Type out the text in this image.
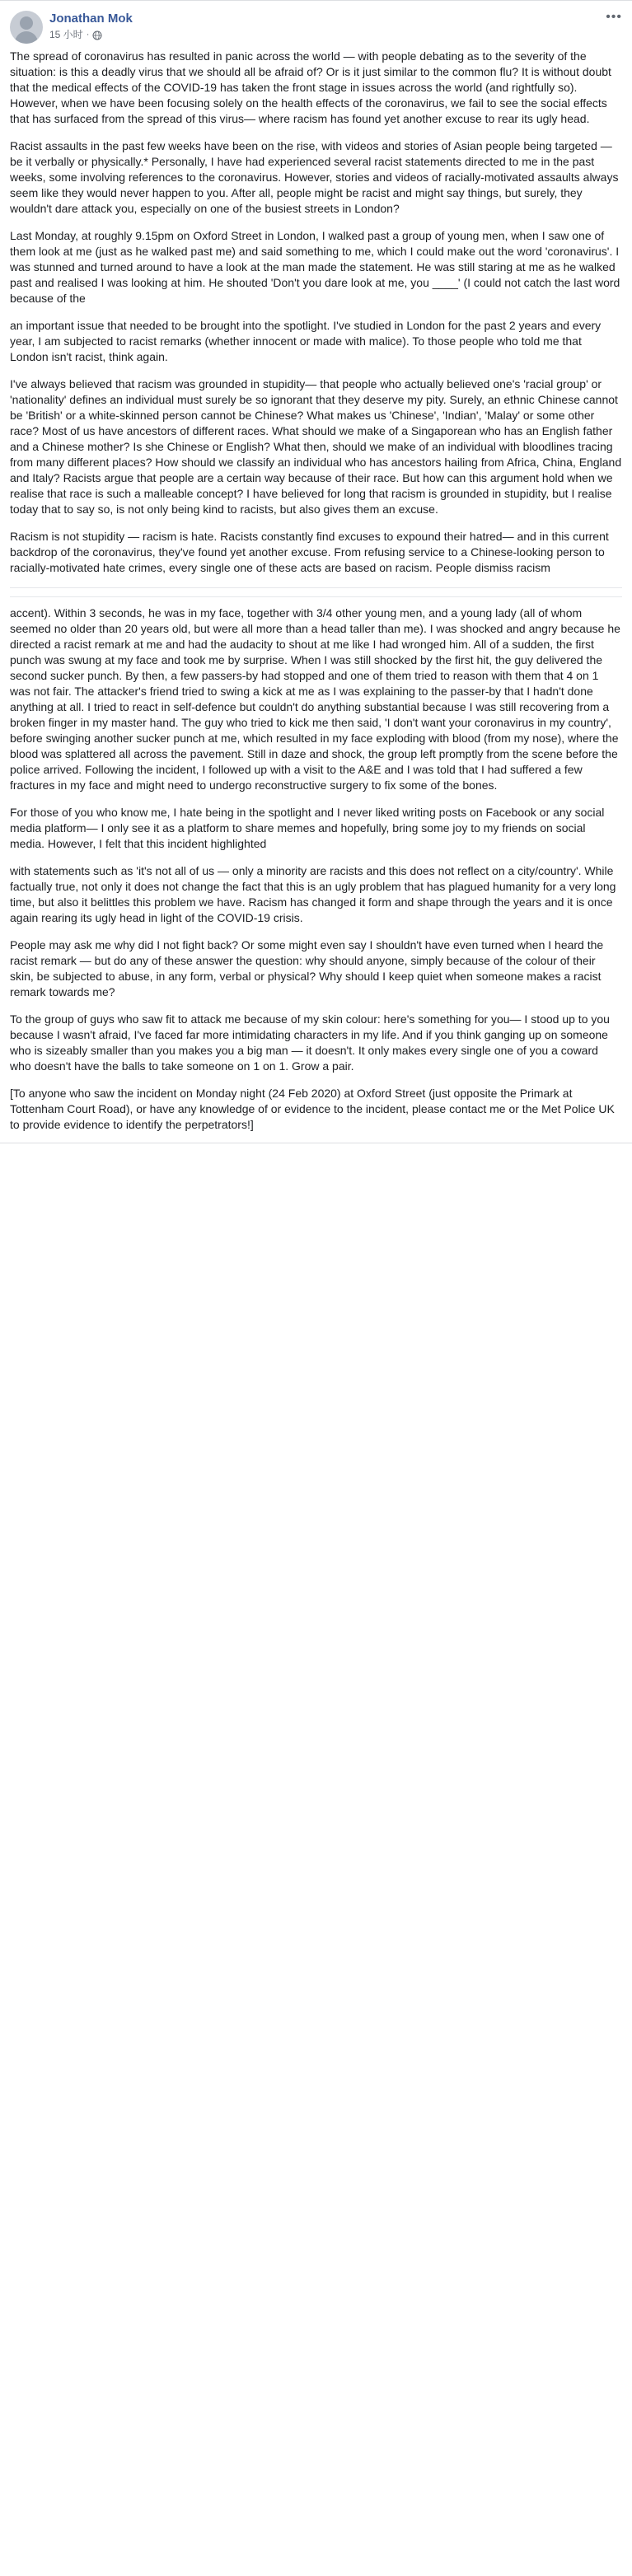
Jonathan Mok
15 小时 ·
•••

The spread of coronavirus has resulted in panic across the world — with people debating as to the severity of the situation: is this a deadly virus that we should all be afraid of? Or is it just similar to the common flu? It is without doubt that the medical effects of the COVID-19 has taken the front stage in issues across the world (and rightfully so). However, when we have been focusing solely on the health effects of the coronavirus, we fail to see the social effects that has surfaced from the spread of this virus— where racism has found yet another excuse to rear its ugly head.

Racist assaults in the past few weeks have been on the rise, with videos and stories of Asian people being targeted — be it verbally or physically.* Personally, I have had experienced several racist statements directed to me in the past weeks, some involving references to the coronavirus. However, stories and videos of racially-motivated assaults always seem like they would never happen to you. After all, people might be racist and might say things, but surely, they wouldn't dare attack you, especially on one of the busiest streets in London?

Last Monday, at roughly 9.15pm on Oxford Street in London, I walked past a group of young men, when I saw one of them look at me (just as he walked past me) and said something to me, which I could make out the word 'coronavirus'. I was stunned and turned around to have a look at the man made the statement. He was still staring at me as he walked past and realised I was looking at him. He shouted 'Don't you dare look at me, you ____' (I could not catch the last word because of the

an important issue that needed to be brought into the spotlight. I've studied in London for the past 2 years and every year, I am subjected to racist remarks (whether innocent or made with malice). To those people who told me that London isn't racist, think again.

I've always believed that racism was grounded in stupidity— that people who actually believed one's 'racial group' or 'nationality' defines an individual must surely be so ignorant that they deserve my pity. Surely, an ethnic Chinese cannot be 'British' or a white-skinned person cannot be Chinese? What makes us 'Chinese', 'Indian', 'Malay' or some other race? Most of us have ancestors of different races. What should we make of a Singaporean who has an English father and a Chinese mother? Is she Chinese or English? What then, should we make of an individual with bloodlines tracing from many different places? How should we classify an individual who has ancestors hailing from Africa, China, England and Italy? Racists argue that people are a certain way because of their race. But how can this argument hold when we realise that race is such a malleable concept? I have believed for long that racism is grounded in stupidity, but I realise today that to say so, is not only being kind to racists, but also gives them an excuse.

Racism is not stupidity — racism is hate. Racists constantly find excuses to expound their hatred— and in this current backdrop of the coronavirus, they've found yet another excuse. From refusing service to a Chinese-looking person to racially-motivated hate crimes, every single one of these acts are based on racism. People dismiss racism

accent). Within 3 seconds, he was in my face, together with 3/4 other young men, and a young lady (all of whom seemed no older than 20 years old, but were all more than a head taller than me). I was shocked and angry because he directed a racist remark at me and had the audacity to shout at me like I had wronged him. All of a sudden, the first punch was swung at my face and took me by surprise. When I was still shocked by the first hit, the guy delivered the second sucker punch. By then, a few passers-by had stopped and one of them tried to reason with them that 4 on 1 was not fair. The attacker's friend tried to swing a kick at me as I was explaining to the passer-by that I hadn't done anything at all. I tried to react in self-defence but couldn't do anything substantial because I was still recovering from a broken finger in my master hand. The guy who tried to kick me then said, 'I don't want your coronavirus in my country', before swinging another sucker punch at me, which resulted in my face exploding with blood (from my nose), where the blood was splattered all across the pavement. Still in daze and shock, the group left promptly from the scene before the police arrived. Following the incident, I followed up with a visit to the A&E and I was told that I had suffered a few fractures in my face and might need to undergo reconstructive surgery to fix some of the bones.

For those of you who know me, I hate being in the spotlight and I never liked writing posts on Facebook or any social media platform— I only see it as a platform to share memes and hopefully, bring some joy to my friends on social media. However, I felt that this incident highlighted

with statements such as 'it's not all of us — only a minority are racists and this does not reflect on a city/country'. While factually true, not only it does not change the fact that this is an ugly problem that has plagued humanity for a very long time, but also it belittles this problem we have. Racism has changed it form and shape through the years and it is once again rearing its ugly head in light of the COVID-19 crisis.

People may ask me why did I not fight back? Or some might even say I shouldn't have even turned when I heard the racist remark — but do any of these answer the question: why should anyone, simply because of the colour of their skin, be subjected to abuse, in any form, verbal or physical? Why should I keep quiet when someone makes a racist remark towards me?

To the group of guys who saw fit to attack me because of my skin colour: here's something for you— I stood up to you because I wasn't afraid, I've faced far more intimidating characters in my life. And if you think ganging up on someone who is sizeably smaller than you makes you a big man — it doesn't. It only makes every single one of you a coward who doesn't have the balls to take someone on 1 on 1. Grow a pair.

[To anyone who saw the incident on Monday night (24 Feb 2020) at Oxford Street (just opposite the Primark at Tottenham Court Road), or have any knowledge of or evidence to the incident, please contact me or the Met Police UK to provide evidence to identify the perpetrators!]
